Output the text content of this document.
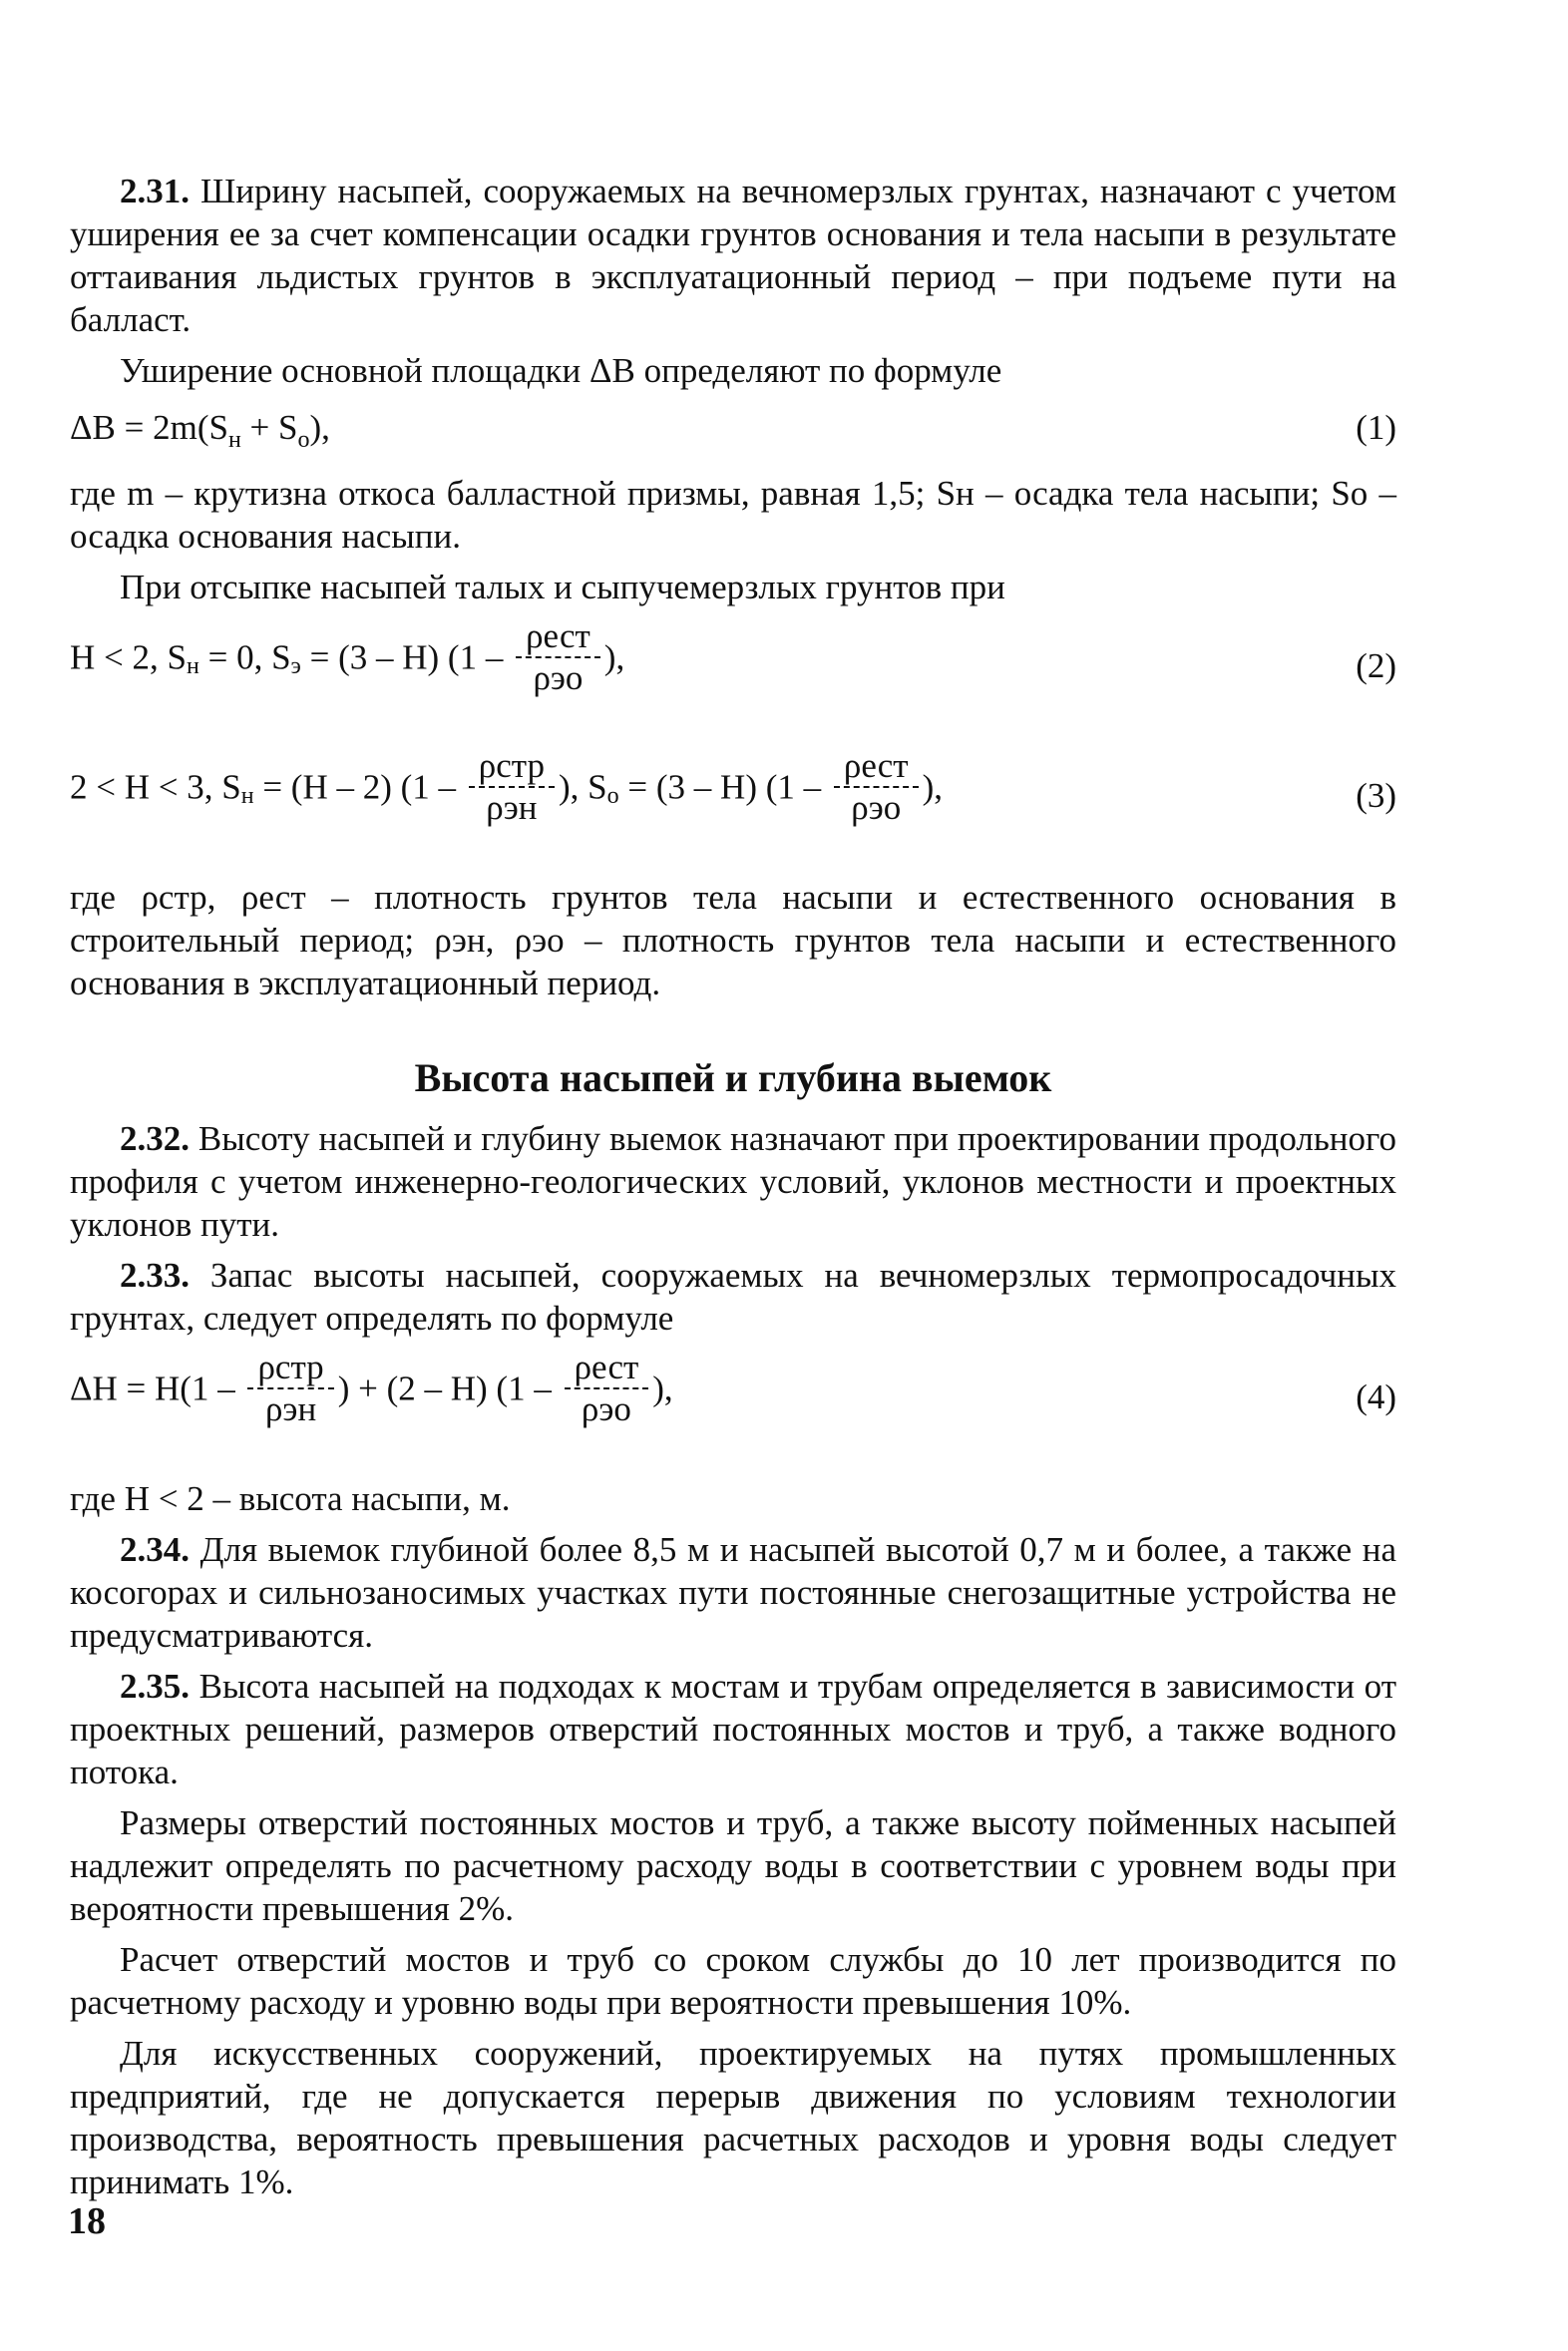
2.31. Ширину насыпей, сооружаемых на вечномерзлых грунтах, назначают с учетом уширения ее за счет компенсации осадки грунтов основания и тела насыпи в результате оттаивания льдистых грунтов в эксплуатационный период – при подъеме пути на балласт.

Уширение основной площадки ΔB определяют по формуле

$\Delta B = 2m(S_н + S_о)$,	(1)

где m – крутизна откоса балластной призмы, равная 1,5; Sн – осадка тела насыпи; Sо – осадка основания насыпи.

При отсыпке насыпей талых и сыпучемерзлых грунтов при

H < 2, $S_н = 0$, $S_э = (3 - H)$ ($1 - \frac{\text{ρест}}{\text{ρэо}}$ ),	(2)
2 < H < 3, $S_н = (H - 2)$ ($1 - \frac{\text{ρстр}}{\text{ρэн}}$ ), $S_о = (3 - H)$ ($1 - \frac{\text{ρест}}{\text{ρэо}}$ ),	(3)

где ρстр, ρест – плотность грунтов тела насыпи и естественного основания в строительный период; ρэн, ρэо – плотность грунтов тела насыпи и естественного основания в эксплуатационный период.

Высота насыпей и глубина выемок

2.32. Высоту насыпей и глубину выемок назначают при проектировании продольного профиля с учетом инженерно-геологических условий, уклонов местности и проектных уклонов пути.

2.33. Запас высоты насыпей, сооружаемых на вечномерзлых термопросадочных грунтах, следует определять по формуле

$\Delta H = H(1 - \frac{\text{ρстр}}{\text{ρэн}}$ ) + (2 – H) ($1 - \frac{\text{ρест}}{\text{ρэо}}$ ),	(4)

где H < 2 – высота насыпи, м.

2.34. Для выемок глубиной более 8,5 м и насыпей высотой 0,7 м и более, а также на косогорах и сильнозаносимых участках пути постоянные снегозащитные устройства не предусматриваются.

2.35. Высота насыпей на подходах к мостам и трубам определяется в зависимости от проектных решений, размеров отверстий постоянных мостов и труб, а также водного потока.

Размеры отверстий постоянных мостов и труб, а также высоту пойменных насыпей надлежит определять по расчетному расходу воды в соответствии с уровнем воды при вероятности превышения 2%.

Расчет отверстий мостов и труб со сроком службы до 10 лет производится по расчетному расходу и уровню воды при вероятности превышения 10%.

Для искусственных сооружений, проектируемых на путях промышленных предприятий, где не допускается перерыв движения по условиям технологии производства, вероятность превышения расчетных расходов и уровня воды следует принимать 1%.

18
